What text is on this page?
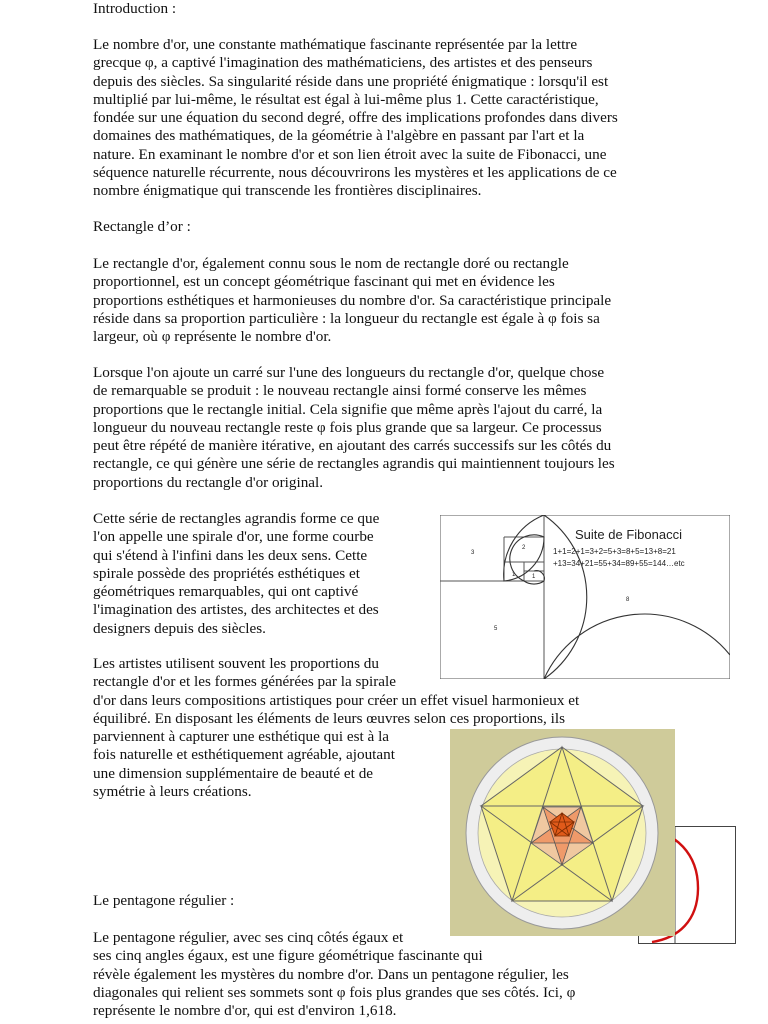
Introduction :

Le nombre d'or, une constante mathématique fascinante représentée par la lettre
grecque φ, a captivé l'imagination des mathématiciens, des artistes et des penseurs
depuis des siècles. Sa singularité réside dans une propriété énigmatique : lorsqu'il est
multiplié par lui-même, le résultat est égal à lui-même plus 1. Cette caractéristique,
fondée sur une équation du second degré, offre des implications profondes dans divers
domaines des mathématiques, de la géométrie à l'algèbre en passant par l'art et la
nature. En examinant le nombre d'or et son lien étroit avec la suite de Fibonacci, une
séquence naturelle récurrente, nous découvrirons les mystères et les applications de ce
nombre énigmatique qui transcende les frontières disciplinaires.

Rectangle d’or :

Le rectangle d'or, également connu sous le nom de rectangle doré ou rectangle
proportionnel, est un concept géométrique fascinant qui met en évidence les
proportions esthétiques et harmonieuses du nombre d'or. Sa caractéristique principale
réside dans sa proportion particulière : la longueur du rectangle est égale à φ fois sa
largeur, où φ représente le nombre d'or.

Lorsque l'on ajoute un carré sur l'une des longueurs du rectangle d'or, quelque chose
de remarquable se produit : le nouveau rectangle ainsi formé conserve les mêmes
proportions que le rectangle initial. Cela signifie que même après l'ajout du carré, la
longueur du nouveau rectangle reste φ fois plus grande que sa largeur. Ce processus
peut être répété de manière itérative, en ajoutant des carrés successifs sur les côtés du
rectangle, ce qui génère une série de rectangles agrandis qui maintiennent toujours les
proportions du rectangle d'or original.

Cette série de rectangles agrandis forme ce que
l'on appelle une spirale d'or, une forme courbe
qui s'étend à l'infini dans les deux sens. Cette
spirale possède des propriétés esthétiques et
géométriques remarquables, qui ont captivé
l'imagination des artistes, des architectes et des
designers depuis des siècles.

Les artistes utilisent souvent les proportions du
rectangle d'or et les formes générées par la spirale
d'or dans leurs compositions artistiques pour créer un effet visuel harmonieux et
équilibré. En disposant les éléments de leurs œuvres selon ces proportions, ils
parviennent à capturer une esthétique qui est à la
fois naturelle et esthétiquement agréable, ajoutant
une dimension supplémentaire de beauté et de
symétrie à leurs créations.

Le pentagone régulier :

Le pentagone régulier, avec ses cinq côtés égaux et
ses cinq angles égaux, est une figure géométrique fascinante qui
révèle également les mystères du nombre d'or. Dans un pentagone régulier, les
diagonales qui relient ses sommets sont φ fois plus grandes que ses côtés. Ici, φ
représente le nombre d'or, qui est d'environ 1,618.

Suite de Fibonacci
1+1=2+1=3+2=5+3=8+5=13+8=21
+13=34+21=55+34=89+55=144…etc
3
2
1	1
8
5
